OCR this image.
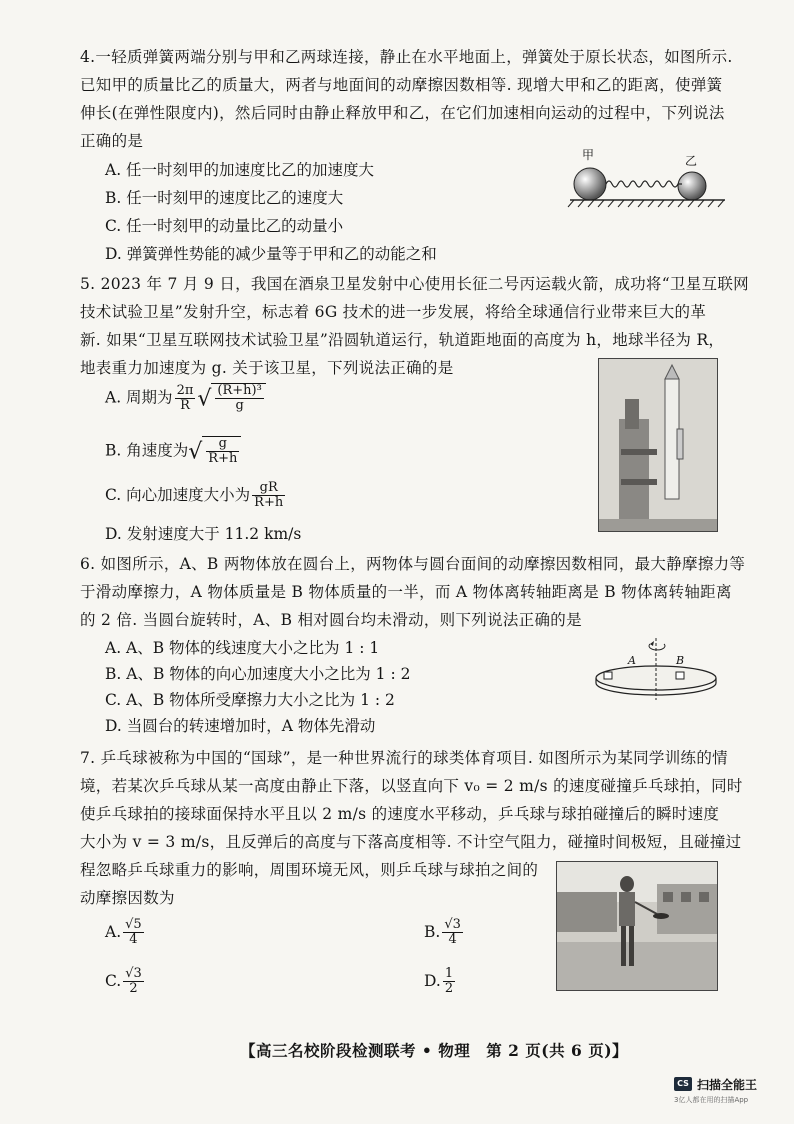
4.一轻质弹簧两端分别与甲和乙两球连接，静止在水平地面上，弹簧处于原长状态，如图所示.
已知甲的质量比乙的质量大，两者与地面间的动摩擦因数相等. 现增大甲和乙的距离，使弹簧
伸长(在弹性限度内)，然后同时由静止释放甲和乙，在它们加速相向运动的过程中，下列说法
正确的是
A. 任一时刻甲的加速度比乙的加速度大
B. 任一时刻甲的速度比乙的速度大
C. 任一时刻甲的动量比乙的动量小
D. 弹簧弹性势能的减少量等于甲和乙的动能之和
甲	乙
5. 2023 年 7 月 9 日，我国在酒泉卫星发射中心使用长征二号丙运载火箭，成功将“卫星互联网
技术试验卫星”发射升空，标志着 6G 技术的进一步发展，将给全球通信行业带来巨大的革
新. 如果“卫星互联网技术试验卫星”沿圆轨道运行，轨道距地面的高度为 h，地球半径为 R，
地表重力加速度为 g. 关于该卫星，下列说法正确的是
A. 周期为 $\frac{2\pi}{R}$ √ $\frac{\text{(R+h)³}}{g}$
B. 角速度为√ $\frac{g}{R+h}$
C. 向心加速度大小为 $\frac{gR}{R+h}$
D. 发射速度大于 11.2 km/s
6. 如图所示，A、B 两物体放在圆台上，两物体与圆台面间的动摩擦因数相同，最大静摩擦力等
于滑动摩擦力，A 物体质量是 B 物体质量的一半，而 A 物体离转轴距离是 B 物体离转轴距离
的 2 倍. 当圆台旋转时，A、B 相对圆台均未滑动，则下列说法正确的是
A. A、B 物体的线速度大小之比为 1 : 1
B. A、B 物体的向心加速度大小之比为 1 : 2
C. A、B 物体所受摩擦力大小之比为 1 : 2
D. 当圆台的转速增加时，A 物体先滑动
A	B
7. 乒乓球被称为中国的“国球”，是一种世界流行的球类体育项目. 如图所示为某同学训练的情
境，若某次乒乓球从某一高度由静止下落，以竖直向下 v₀ = 2 m/s 的速度碰撞乒乓球拍，同时
使乒乓球拍的接球面保持水平且以 2 m/s 的速度水平移动，乒乓球与球拍碰撞后的瞬时速度
大小为 v = 3 m/s，且反弹后的高度与下落高度相等. 不计空气阻力，碰撞时间极短，且碰撞过
程忽略乒乓球重力的影响，周围环境无风，则乒乓球与球拍之间的
动摩擦因数为
A. $\frac{√5}{4}$	B. $\frac{√3}{4}$
C. $\frac{√3}{2}$	D. $\frac{1}{2}$
【高三名校阶段检测联考 • 物理　第 2 页(共 6 页)】
CS 扫描全能王
3亿人都在用的扫描App
